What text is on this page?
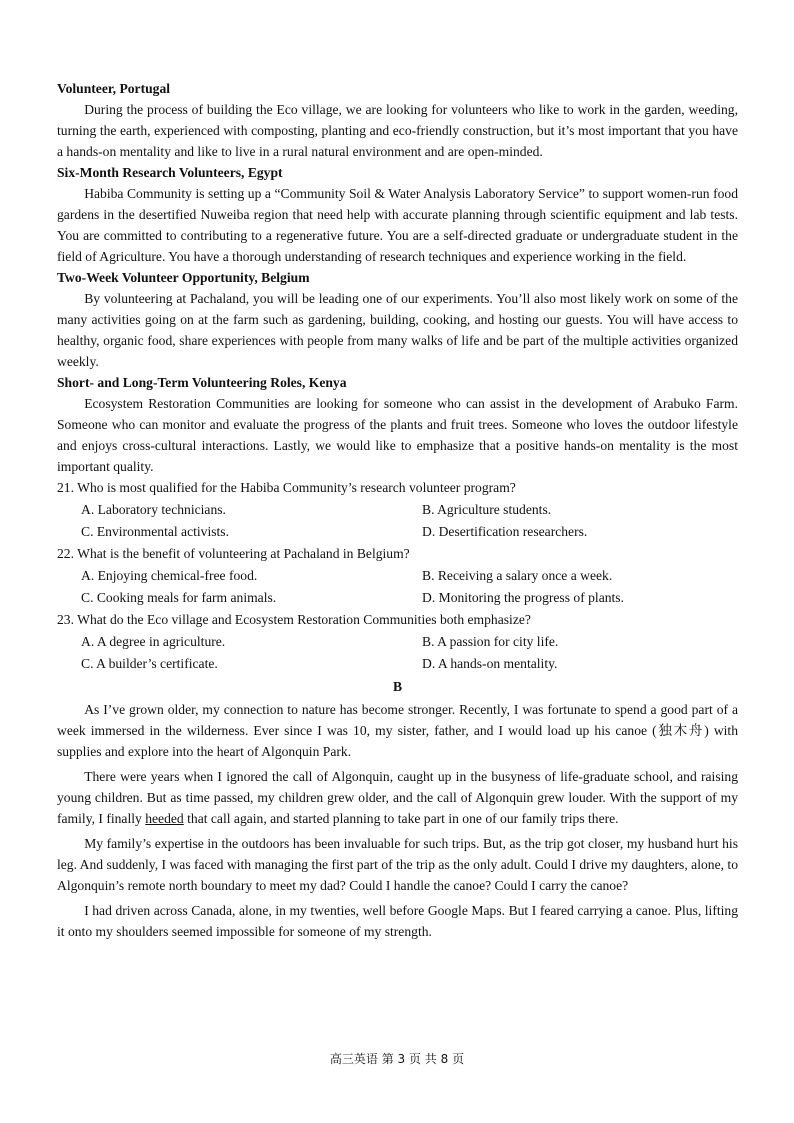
Volunteer, Portugal

During the process of building the Eco village, we are looking for volunteers who like to work in the garden, weeding, turning the earth, experienced with composting, planting and eco-friendly construction, but it’s most important that you have a hands-on mentality and like to live in a rural natural environment and are open-minded.

Six-Month Research Volunteers, Egypt

Habiba Community is setting up a “Community Soil & Water Analysis Laboratory Service” to support women-run food gardens in the desertified Nuweiba region that need help with accurate planning through scientific equipment and lab tests. You are committed to contributing to a regenerative future. You are a self-directed graduate or undergraduate student in the field of Agriculture. You have a thorough understanding of research techniques and experience working in the field.

Two-Week Volunteer Opportunity, Belgium

By volunteering at Pachaland, you will be leading one of our experiments. You’ll also most likely work on some of the many activities going on at the farm such as gardening, building, cooking, and hosting our guests. You will have access to healthy, organic food, share experiences with people from many walks of life and be part of the multiple activities organized weekly.

Short- and Long-Term Volunteering Roles, Kenya

Ecosystem Restoration Communities are looking for someone who can assist in the development of Arabuko Farm. Someone who can monitor and evaluate the progress of the plants and fruit trees. Someone who loves the outdoor lifestyle and enjoys cross-cultural interactions. Lastly, we would like to emphasize that a positive hands-on mentality is the most important quality.

21. Who is most qualified for the Habiba Community’s research volunteer program?

A. Laboratory technicians.	B. Agriculture students.
C. Environmental activists.	D. Desertification researchers.

22. What is the benefit of volunteering at Pachaland in Belgium?

A. Enjoying chemical-free food.	B. Receiving a salary once a week.
C. Cooking meals for farm animals.	D. Monitoring the progress of plants.

23. What do the Eco village and Ecosystem Restoration Communities both emphasize?

A. A degree in agriculture.	B. A passion for city life.
C. A builder’s certificate.	D. A hands-on mentality.

B

As I’ve grown older, my connection to nature has become stronger. Recently, I was fortunate to spend a good part of a week immersed in the wilderness. Ever since I was 10, my sister, father, and I would load up his canoe (独木舟) with supplies and explore into the heart of Algonquin Park.

There were years when I ignored the call of Algonquin, caught up in the busyness of life-graduate school, and raising young children. But as time passed, my children grew older, and the call of Algonquin grew louder. With the support of my family, I finally heeded that call again, and started planning to take part in one of our family trips there.

My family’s expertise in the outdoors has been invaluable for such trips. But, as the trip got closer, my husband hurt his leg. And suddenly, I was faced with managing the first part of the trip as the only adult. Could I drive my daughters, alone, to Algonquin’s remote north boundary to meet my dad? Could I handle the canoe? Could I carry the canoe?

I had driven across Canada, alone, in my twenties, well before Google Maps. But I feared carrying a canoe. Plus, lifting it onto my shoulders seemed impossible for someone of my strength.

高三英语 第 3 页 共 8 页
